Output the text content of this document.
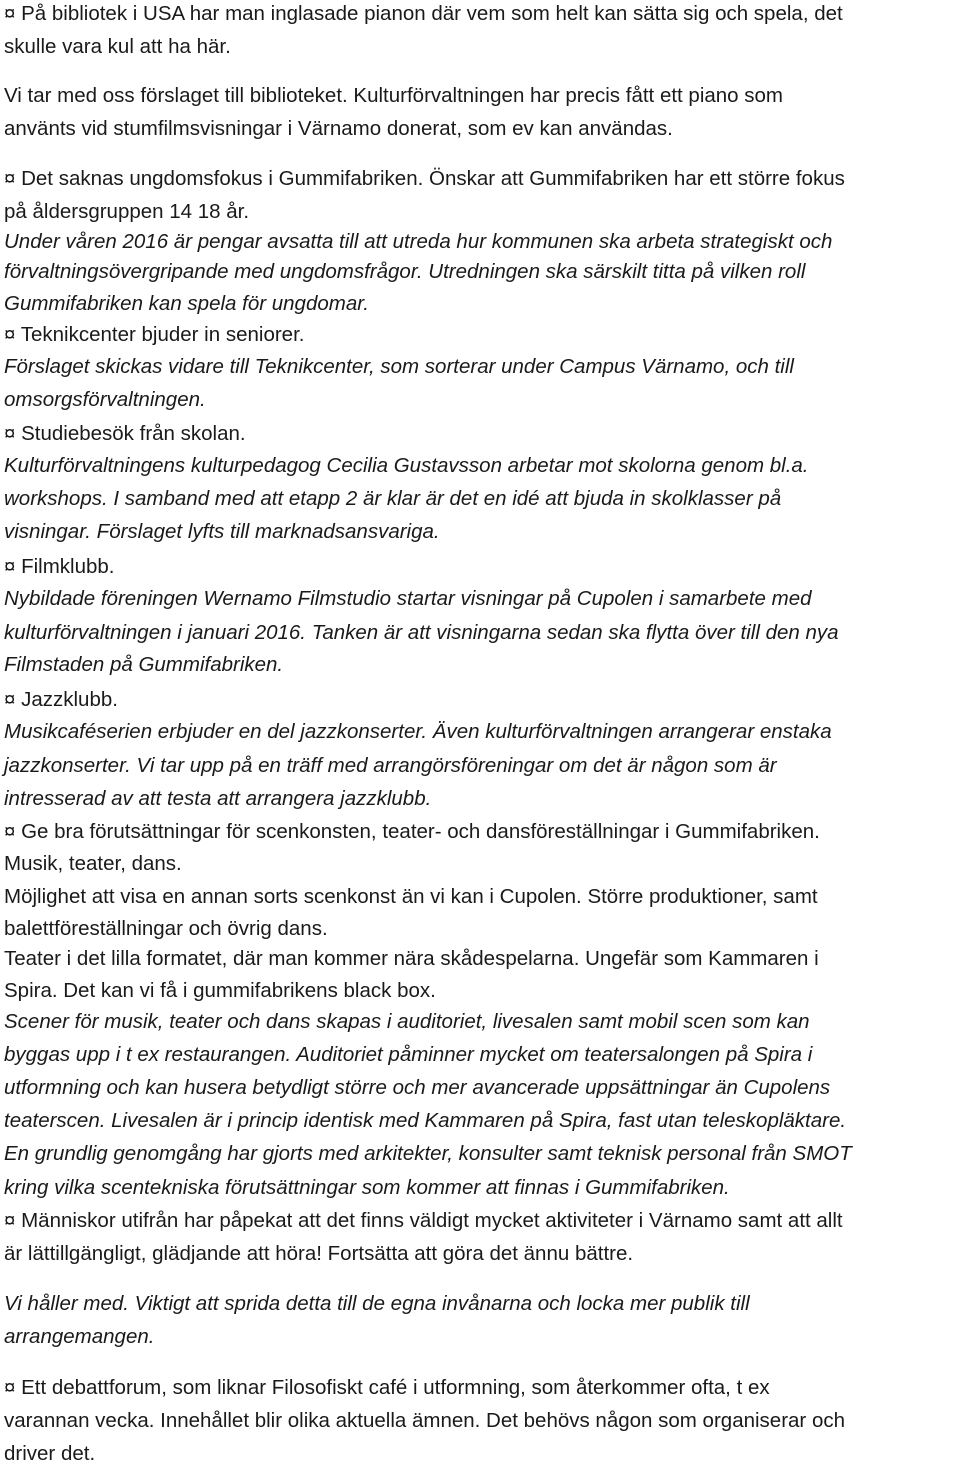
¤ På bibliotek i USA har man inglasade pianon där vem som helt kan sätta sig och spela, det
skulle vara kul att ha här.
Vi tar med oss förslaget till biblioteket. Kulturförvaltningen har precis fått ett piano som
använts vid stumfilmsvisningar i Värnamo donerat, som ev kan användas.
¤ Det saknas ungdomsfokus i Gummifabriken. Önskar att Gummifabriken har ett större fokus
på åldersgruppen 14 18 år.
Under våren 2016 är pengar avsatta till att utreda hur kommunen ska arbeta strategiskt och
förvaltningsövergripande med ungdomsfrågor. Utredningen ska särskilt titta på vilken roll
Gummifabriken kan spela för ungdomar.
¤ Teknikcenter bjuder in seniorer.
Förslaget skickas vidare till Teknikcenter, som sorterar under Campus Värnamo, och till
omsorgsförvaltningen.
¤ Studiebesök från skolan.
Kulturförvaltningens kulturpedagog Cecilia Gustavsson arbetar mot skolorna genom bl.a.
workshops. I samband med att etapp 2 är klar är det en idé att bjuda in skolklasser på
visningar. Förslaget lyfts till marknadsansvariga.
¤ Filmklubb.
Nybildade föreningen Wernamo Filmstudio startar visningar på Cupolen i samarbete med
kulturförvaltningen i januari 2016. Tanken är att visningarna sedan ska flytta över till den nya
Filmstaden på Gummifabriken.
¤ Jazzklubb.
Musikcaféserien erbjuder en del jazzkonserter. Även kulturförvaltningen arrangerar enstaka
jazzkonserter. Vi tar upp på en träff med arrangörsföreningar om det är någon som är
intresserad av att testa att arrangera jazzklubb.
¤ Ge bra förutsättningar för scenkonsten, teater- och dansföreställningar i Gummifabriken.
Musik, teater, dans.
Möjlighet att visa en annan sorts scenkonst än vi kan i Cupolen. Större produktioner, samt
balettföreställningar och övrig dans.
Teater i det lilla formatet, där man kommer nära skådespelarna. Ungefär som Kammaren i
Spira. Det kan vi få i gummifabrikens black box.
Scener för musik, teater och dans skapas i auditoriet, livesalen samt mobil scen som kan
byggas upp i t ex restaurangen. Auditoriet påminner mycket om teatersalongen på Spira i
utformning och kan husera betydligt större och mer avancerade uppsättningar än Cupolens
teaterscen. Livesalen är i princip identisk med Kammaren på Spira, fast utan teleskopläktare.
En grundlig genomgång har gjorts med arkitekter, konsulter samt teknisk personal från SMOT
kring vilka scentekniska förutsättningar som kommer att finnas i Gummifabriken.
¤ Människor utifrån har påpekat att det finns väldigt mycket aktiviteter i Värnamo samt att allt
är lättillgängligt, glädjande att höra! Fortsätta att göra det ännu bättre.
Vi håller med. Viktigt att sprida detta till de egna invånarna och locka mer publik till
arrangemangen.
¤ Ett debattforum, som liknar Filosofiskt café i utformning, som återkommer ofta, t ex
varannan vecka. Innehållet blir olika aktuella ämnen. Det behövs någon som organiserar och
driver det.
